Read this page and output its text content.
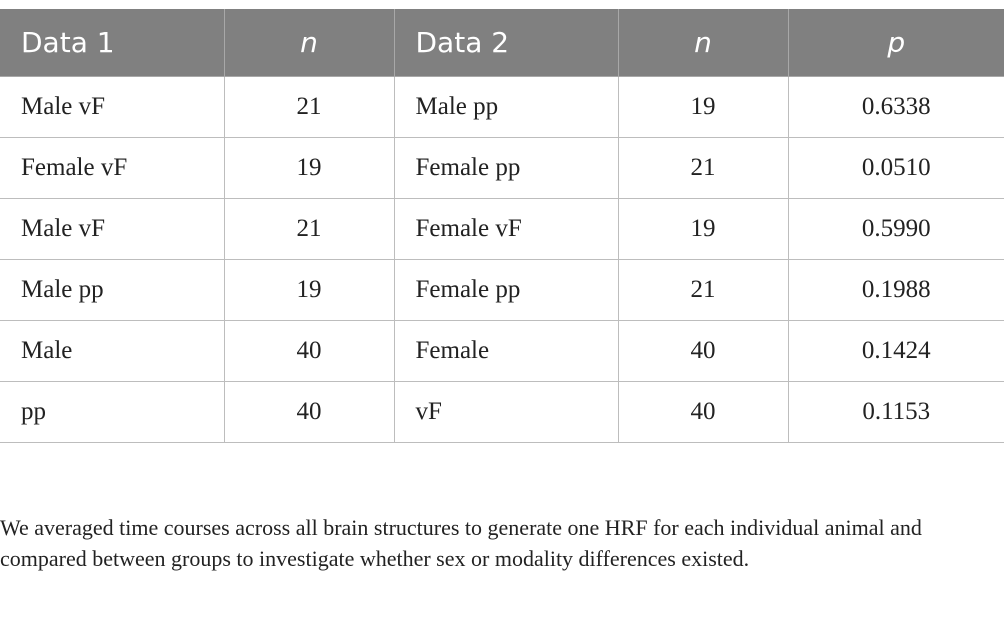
Data 1	n	Data 2	n	p
Male vF	21	Male pp	19	0.6338
Female vF	19	Female pp	21	0.0510
Male vF	21	Female vF	19	0.5990
Male pp	19	Female pp	21	0.1988
Male	40	Female	40	0.1424
pp	40	vF	40	0.1153

We averaged time courses across all brain structures to generate one HRF for each individual animal and compared between groups to investigate whether sex or modality differences existed.
